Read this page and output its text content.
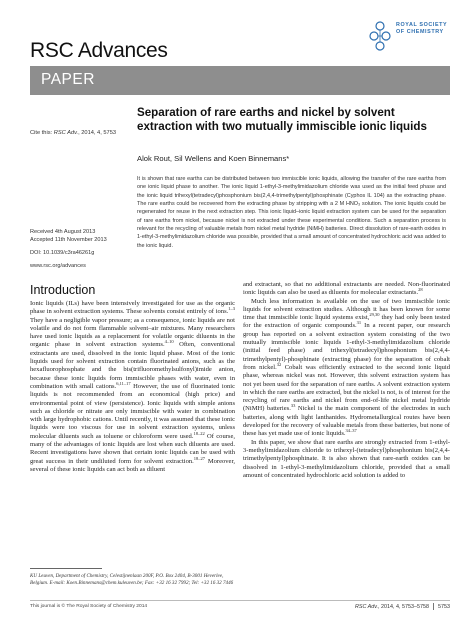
RSC Advances
ROYAL SOCIETY
OF CHEMISTRY
PAPER
Separation of rare earths and nickel by solvent extraction with two mutually immiscible ionic liquids
Cite this: RSC Adv., 2014, 4, 5753
Alok Rout, Sil Wellens and Koen Binnemans*
It is shown that rare earths can be distributed between two immiscible ionic liquids, allowing the transfer of the rare earths from one ionic liquid phase to another. The ionic liquid 1-ethyl-3-methylimidazolium chloride was used as the initial feed phase and the ionic liquid trihexyl(tetradecyl)phosphonium bis(2,4,4-trimethylpentyl)phosphinate (Cyphos IL 104) as the extracting phase. The rare earths could be recovered from the extracting phase by stripping with a 2 M HNO₃ solution. The ionic liquids could be regenerated for reuse in the next extraction step. This ionic liquid–ionic liquid extraction system can be used for the separation of rare earths from nickel, because nickel is not extracted under these experimental conditions. Such a separation process is relevant for the recycling of valuable metals from nickel metal hydride (NiMH) batteries. Direct dissolution of rare-earth oxides in 1-ethyl-3-methylimidazolium chloride was possible, provided that a small amount of concentrated hydrochloric acid was added to the ionic liquid.
Received 4th August 2013
Accepted 11th November 2013
DOI: 10.1039/c3ra46261g
www.rsc.org/advances
Introduction

Ionic liquids (ILs) have been intensively investigated for use as the organic phase in solvent extraction systems. These solvents consist entirely of ions.$^{1-3}$ They have a negligible vapor pressure; as a consequence, ionic liquids are not volatile and do not form flammable solvent–air mixtures. Many researchers have used ionic liquids as a replacement for volatile organic diluents in the organic phase in solvent extraction systems.$^{4-10}$ Often, conventional extractants are used, dissolved in the ionic liquid phase. Most of the ionic liquids used for solvent extraction contain fluorinated anions, such as the hexafluorophosphate and the bis(trifluoromethylsulfonyl)imide anion, because these ionic liquids form immiscible phases with water, even in combination with small cations.$^{6,11-17}$ However, the use of fluorinated ionic liquids is not recommended from an economical (high price) and environmental point of view (persistence). Ionic liquids with simple anions such as chloride or nitrate are only immiscible with water in combination with large hydrophobic cations. Until recently, it was assumed that these ionic liquids were too viscous for use in solvent extraction systems, unless molecular diluents such as toluene or chloroform were used.$^{18-22}$ Of course, many of the advantages of ionic liquids are lost when such diluents are used. Recent investigations have shown that certain ionic liquids can be used with great success in their undiluted form for solvent extraction.$^{18-27}$ Moreover, several of these ionic liquids can act both as diluent

and extractant, so that no additional extractants are needed. Non-fluorinated ionic liquids can also be used as diluents for molecular extractants.$^{28}$

Much less information is available on the use of two immiscible ionic liquids for solvent extraction studies. Although it has been known for some time that immiscible ionic liquid systems exist,$^{29,30}$ they had only been tested for the extraction of organic compounds.$^{31}$ In a recent paper, our research group has reported on a solvent extraction system consisting of the two mutually immiscible ionic liquids 1-ethyl-3-methylimidazolium chloride (initial feed phase) and trihexyl(tetradecyl)phosphonium bis(2,4,4-trimethylpentyl)-phosphinate (extracting phase) for the separation of cobalt from nickel.$^{32}$ Cobalt was efficiently extracted to the second ionic liquid phase, whereas nickel was not. However, this solvent extraction system has not yet been used for the separation of rare earths. A solvent extraction system in which the rare earths are extracted, but the nickel is not, is of interest for the recycling of rare earths and nickel from end-of-life nickel metal hydride (NiMH) batteries.$^{33}$ Nickel is the main component of the electrodes in such batteries, along with light lanthanides. Hydrometallurgical routes have been developed for the recovery of valuable metals from these batteries, but none of these has yet made use of ionic liquids.$^{34-37}$

In this paper, we show that rare earths are strongly extracted from 1-ethyl-3-methylimidazolium chloride to trihexyl-(tetradecyl)phosphonium bis(2,4,4-trimethylpentyl)phosphinate. It is also shown that rare-earth oxides can be dissolved in 1-ethyl-3-methylimidazolium chloride, provided that a small amount of concentrated hydrochloric acid solution is added to

KU Leuven, Department of Chemistry, Celestijnenlaan 200F, P.O. Box 2404, B-3001 Heverlee, Belgium. E-mail: Koen.Binnemans@chem.kuleuven.be; Fax: +32 16 32 7992; Tel: +32 16 32 7446
This journal is © The Royal Society of Chemistry 2014	RSC Adv., 2014, 4, 5753–5758 5753
